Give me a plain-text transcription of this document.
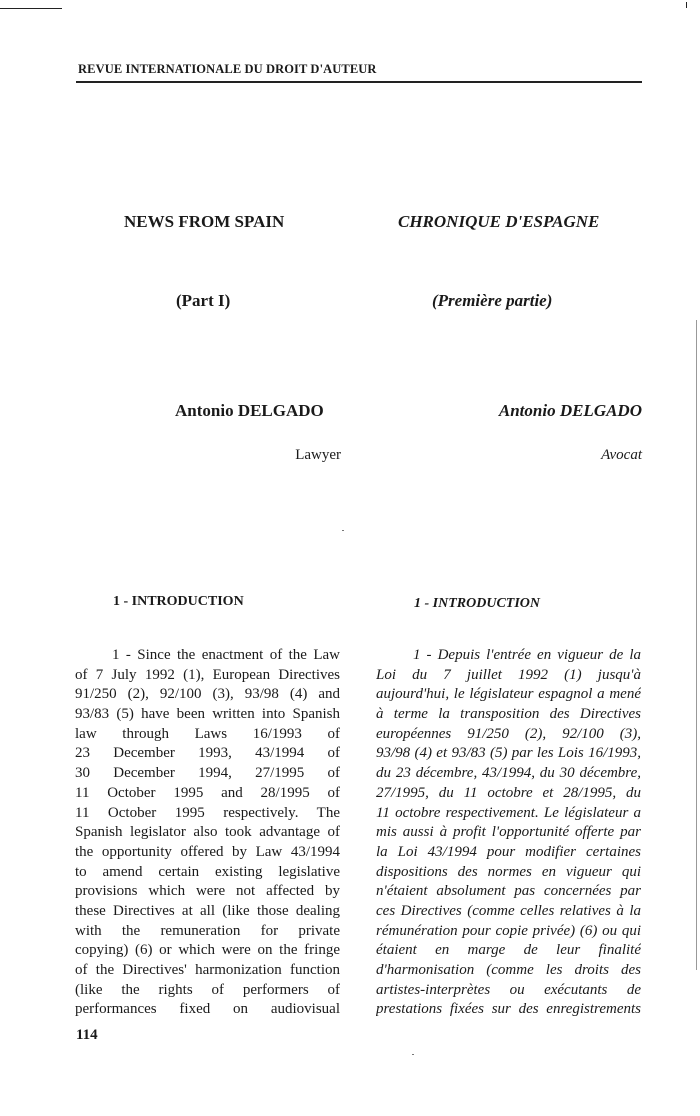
REVUE INTERNATIONALE DU DROIT D'AUTEUR
NEWS FROM SPAIN	CHRONIQUE D'ESPAGNE
(Part I)	(Première partie)
Antonio DELGADO	Antonio DELGADO
Lawyer	Avocat
1 - INTRODUCTION	1 - INTRODUCTION
1 - Since the enactment of the Law
of 7 July 1992 (1), European Directives
91/250 (2), 92/100 (3), 93/98 (4) and
93/83 (5) have been written into Spanish
law through Laws 16/1993 of
23 December 1993, 43/1994 of
30 December 1994, 27/1995 of
11 October 1995 and 28/1995 of
11 October 1995 respectively. The
Spanish legislator also took advantage of
the opportunity offered by Law 43/1994
to amend certain existing legislative
provisions which were not affected by
these Directives at all (like those dealing
with the remuneration for private
copying) (6) or which were on the fringe
of the Directives' harmonization function
(like the rights of performers of
performances fixed on audiovisual
1 - Depuis l'entrée en vigueur de la
Loi du 7 juillet 1992 (1) jusqu'à
aujourd'hui, le législateur espagnol a mené
à terme la transposition des Directives
européennes 91/250 (2), 92/100 (3),
93/98 (4) et 93/83 (5) par les Lois 16/1993,
du 23 décembre, 43/1994, du 30 décembre,
27/1995, du 11 octobre et 28/1995, du
11 octobre respectivement. Le législateur a
mis aussi à profit l'opportunité offerte par
la Loi 43/1994 pour modifier certaines
dispositions des normes en vigueur qui
n'étaient absolument pas concernées par
ces Directives (comme celles relatives à la
rémunération pour copie privée) (6) ou qui
étaient en marge de leur finalité
d'harmonisation (comme les droits des
artistes-interprètes ou exécutants de
prestations fixées sur des enregistrements
114
